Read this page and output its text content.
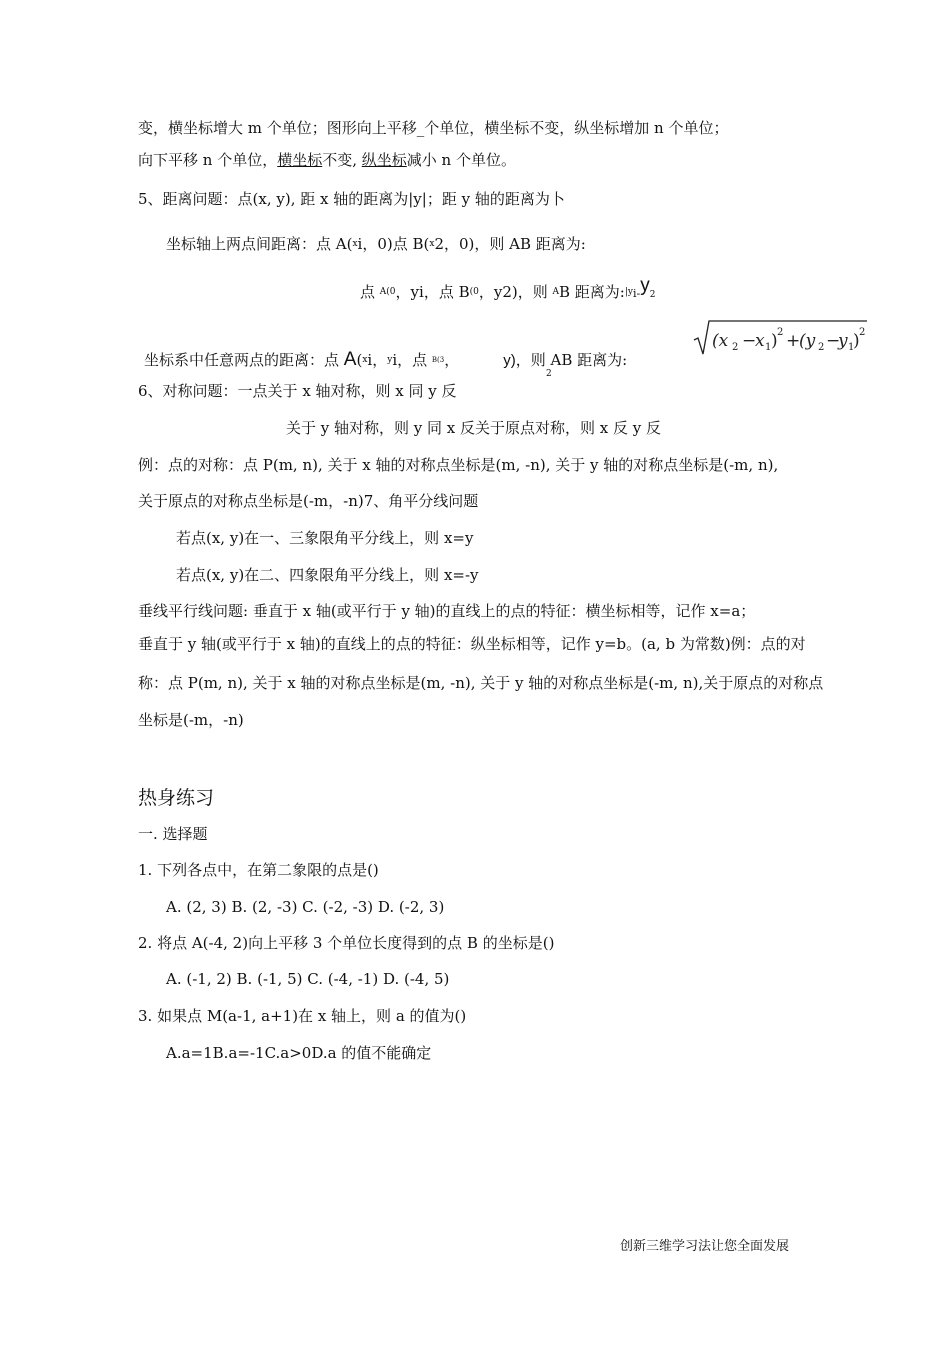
变，横坐标增大 m 个单位；图形向上平移_个单位，横坐标不变，纵坐标增加 n 个单位；
向下平移 n 个单位，横坐标不变, 纵坐标减小 n 个单位。
5、距离问题：点(x, y), 距 x 轴的距离为|y|；距 y 轴的距离为卜
坐标轴上两点间距离：点 A($^x$i，0)点 B($^x$2，0)，则 AB 距离为:
点 $^{A(0}$，yi，点 $B^{(0}$，y2)，则 $^A$B 距离为:$^{|y}$i-y2
坐标系中任意两点的距离：点 A($^x$i，$^y$i，点 $^{B(3}$，	y)，则 AB 距离为:
2
(x 2 −
x 1 ) 2 +
(y 2 −
y 1
) 2
6、对称问题：一点关于 x 轴对称，则 x 同 y 反
关于 y 轴对称，则 y 同 x 反关于原点对称，则 x 反 y 反
例：点的对称：点 P(m, n), 关于 x 轴的对称点坐标是(m, -n), 关于 y 轴的对称点坐标是(-m, n),
关于原点的对称点坐标是(-m，-n)7、角平分线问题
若点(x, y)在一、三象限角平分线上，则 x=y
若点(x, y)在二、四象限角平分线上，则 x=-y
垂线平行线问题: 垂直于 x 轴(或平行于 y 轴)的直线上的点的特征：横坐标相等，记作 x=a；
垂直于 y 轴(或平行于 x 轴)的直线上的点的特征：纵坐标相等，记作 y=b。(a, b 为常数)例：点的对
称：点 P(m, n), 关于 x 轴的对称点坐标是(m, -n), 关于 y 轴的对称点坐标是(-m, n),关于原点的对称点
坐标是(-m，-n)
热身练习
一. 选择题
1. 下列各点中，在第二象限的点是()
A. (2, 3) B. (2, -3) C. (-2, -3) D. (-2, 3)
2. 将点 A(-4, 2)向上平移 3 个单位长度得到的点 B 的坐标是()
A. (-1, 2) B. (-1, 5) C. (-4, -1) D. (-4, 5)
3. 如果点 M(a-1, a+1)在 x 轴上，则 a 的值为()
A.a=1B.a=-1C.a>0D.a 的值不能确定
创新三维学习法让您全面发展
